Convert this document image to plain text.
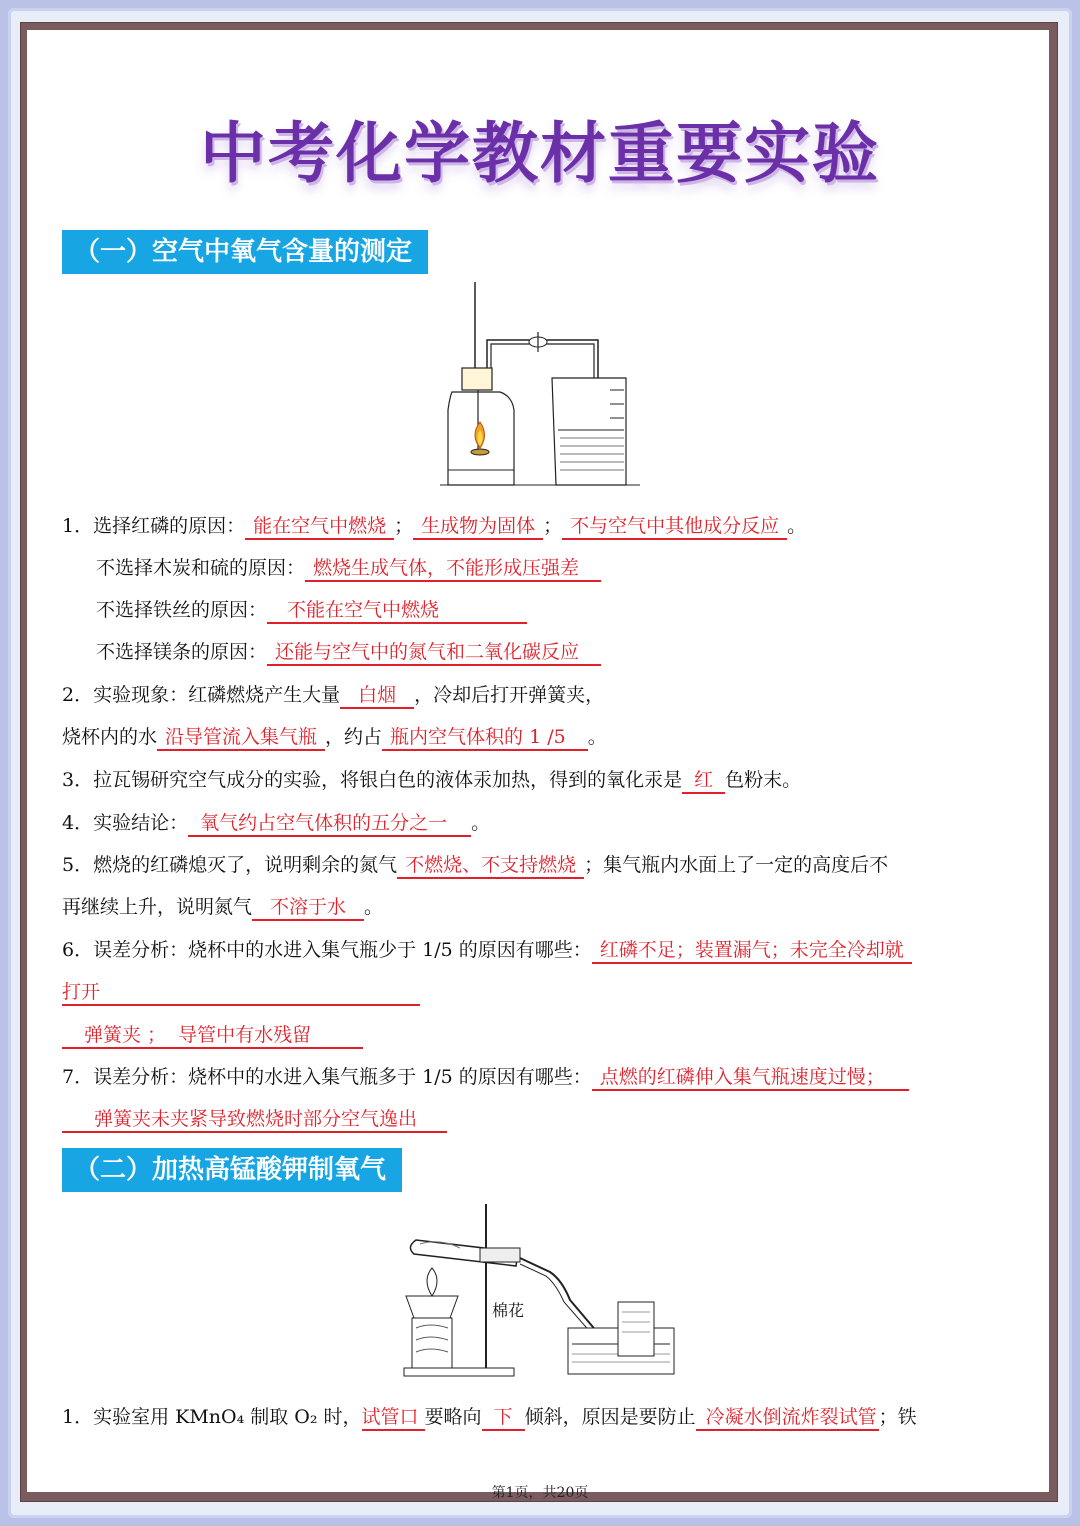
中考化学教材重要实验
（一）空气中氧气含量的测定
1．选择红磷的原因： 能在空气中燃烧 ； 生成物为固体 ； 不与空气中其他成分反应 。
不选择木炭和硫的原因： 燃烧生成气体，不能形成压强差
不选择铁丝的原因： 不能在空气中燃烧
不选择镁条的原因： 还能与空气中的氮气和二氧化碳反应
2．实验现象：红磷燃烧产生大量 白烟 ，冷却后打开弹簧夹，
烧杯内的水 沿导管流入集气瓶 ，约占 瓶内空气体积的 1 /5 。
3．拉瓦锡研究空气成分的实验，将银白色的液体汞加热，得到的氧化汞是 红 色粉末。
4．实验结论： 氧气约占空气体积的五分之一 。
5．燃烧的红磷熄灭了，说明剩余的氮气 不燃烧、不支持燃烧 ；集气瓶内水面上了一定的高度后不
再继续上升，说明氮气 不溶于水 。
6．误差分析：烧杯中的水进入集气瓶少于 1/5 的原因有哪些： 红磷不足；装置漏气；未完全冷却就
打开
弹簧夹 ；  导管中有水残留
7．误差分析：烧杯中的水进入集气瓶多于 1/5 的原因有哪些： 点燃的红磷伸入集气瓶速度过慢；
弹簧夹未夹紧导致燃烧时部分空气逸出
（二）加热高锰酸钾制氧气
棉花
1．实验室用 KMnO₄ 制取 O₂ 时，试管口 要略向 下 倾斜，原因是要防止 冷凝水倒流炸裂试管 ；铁
第1页，共20页
